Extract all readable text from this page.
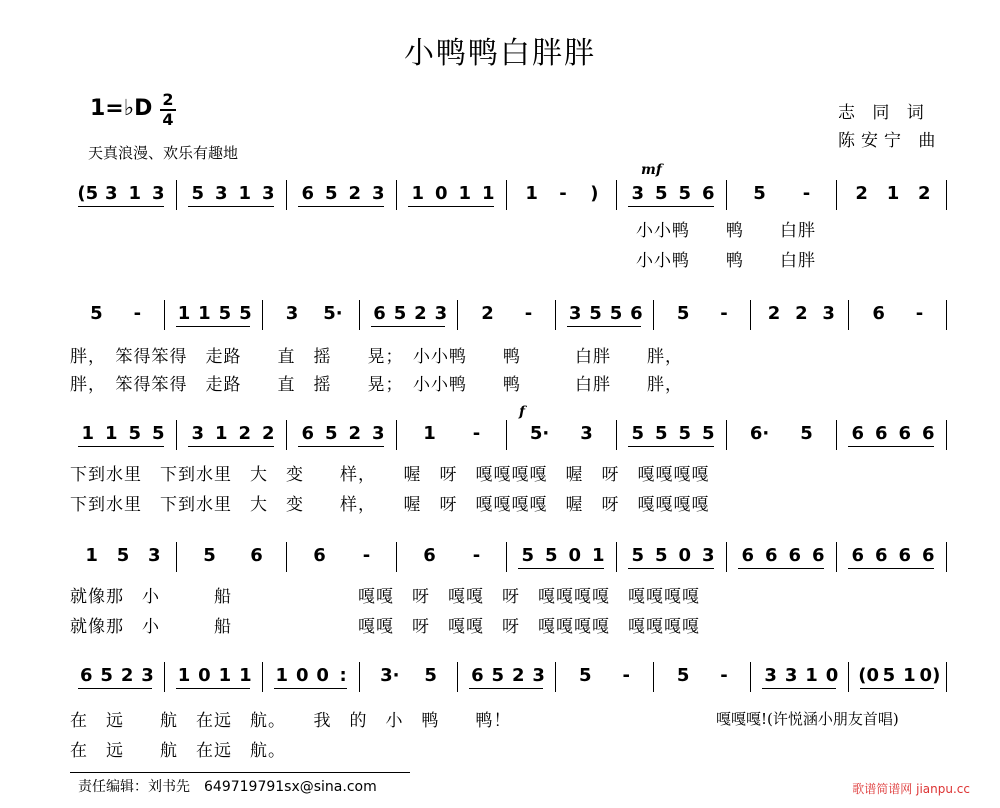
小鸭鸭白胖胖
1=♭D 2
4
天真浪漫、欢乐有趣地
志 同 词
陈安宁 曲
mf
f
(5 3 1 3	5 3 1 3	6 5 2 3	1 0 1 1	1	-	)	3 5 5 6	5	-	2	1	2
5	-	1 1 5 5	3	5·	6 5 2 3	2	-	3 5 5 6	5	-	2 2 3	6	-
1 1 5 5	3 1 2 2	6 5 2 3	1	-	5·	3	5 5 5 5	6·	5	6 6 6 6
1	5	3	5	6	6	-	6	-	5 5 0 1	5 5 0 3	6 6 6 6	6 6 6 6
6 5 2 3 1 0 1 1 1 0 0 :	3·	5	6 5 2 3	5	-	5	-	3 3 1 0 (0 5 1 0)
小小鸭　　鸭　　白胖
小小鸭　　鸭　　白胖
胖，　笨得笨得　走路　　直　摇　　晃；　小小鸭　　鸭　　　白胖　　胖，
胖，　笨得笨得　走路　　直　摇　　晃；　小小鸭　　鸭　　　白胖　　胖，
下到水里　下到水里　大　变　　样，　　喔　呀　嘎嘎嘎嘎　喔　呀　嘎嘎嘎嘎
下到水里　下到水里　大　变　　样，　　喔　呀　嘎嘎嘎嘎　喔　呀　嘎嘎嘎嘎
就像那　小　　　船　　　　　　　嘎嘎　呀　嘎嘎　呀　嘎嘎嘎嘎　嘎嘎嘎嘎
就像那　小　　　船　　　　　　　嘎嘎　呀　嘎嘎　呀　嘎嘎嘎嘎　嘎嘎嘎嘎
在　远　　航　在远　航。　　我　的　小　鸭　　鸭！
在　远　　航　在远　航。
嘎嘎嘎!(许悦涵小朋友首唱)
责任编辑：刘书先　649719791sx@sina.com	歌谱简谱网 jianpu.cc
